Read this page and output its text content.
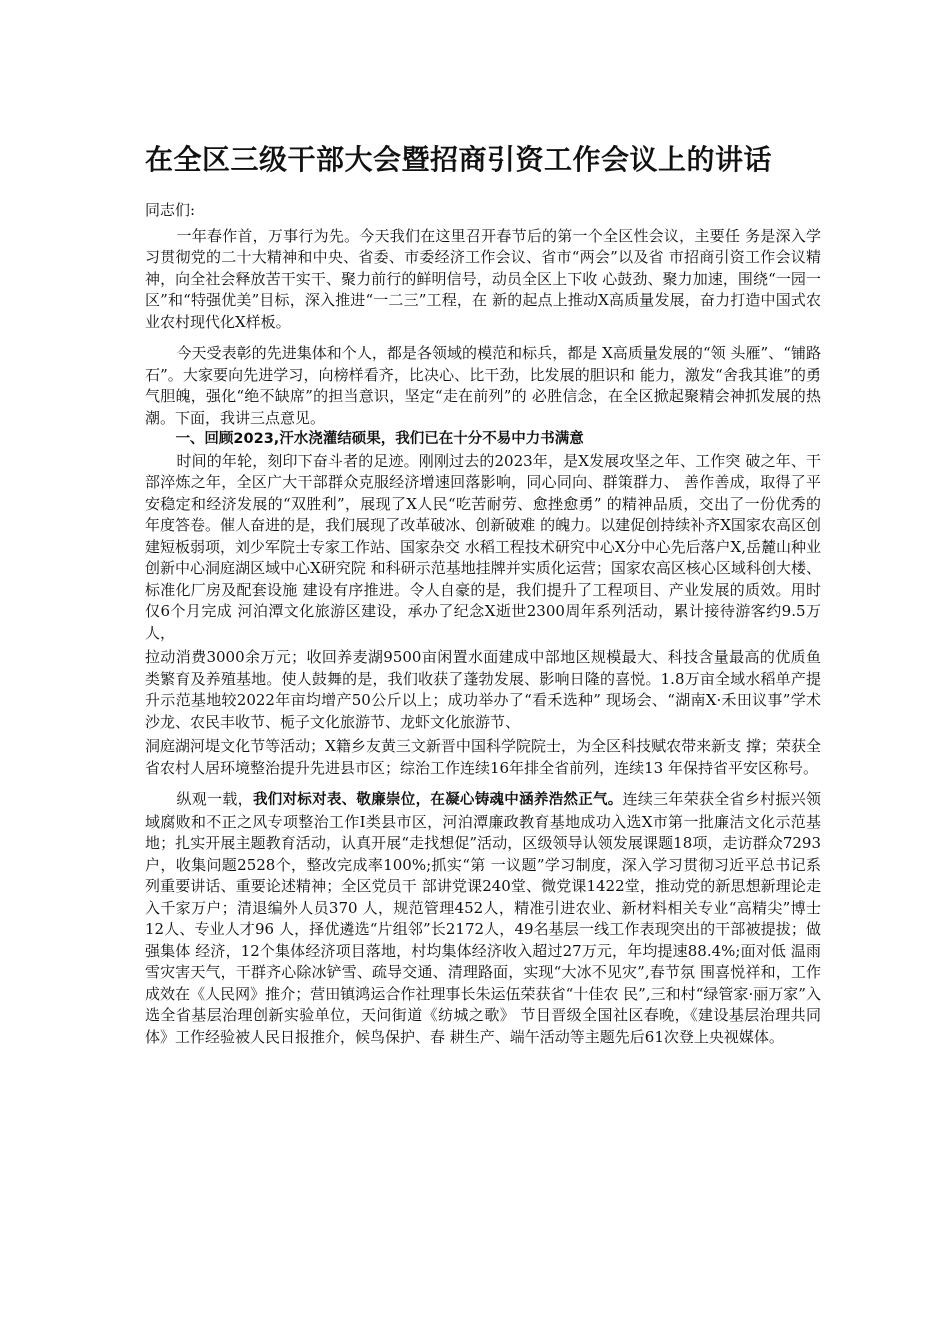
在全区三级干部大会暨招商引资工作会议上的讲话

同志们:

一年春作首，万事行为先。今天我们在这里召开春节后的第一个全区性会议，主要任 务是深入学习贯彻党的二十大精神和中央、省委、市委经济工作会议、省市“两会”以及省 市招商引资工作会议精神，向全社会释放苦干实干、聚力前行的鲜明信号，动员全区上下收 心鼓劲、聚力加速，围绕“一园一区”和“特强优美”目标，深入推进“一二三”工程，在 新的起点上推动X高质量发展，奋力打造中国式农业农村现代化X样板。

今天受表彰的先进集体和个人，都是各领域的模范和标兵，都是 X高质量发展的“领 头雁”、“铺路石”。大家要向先进学习，向榜样看齐，比决心、比干劲，比发展的胆识和 能力，激发“舍我其谁”的勇气胆魄，强化“绝不缺席”的担当意识，坚定“走在前列”的 必胜信念，在全区掀起聚精会神抓发展的热潮。下面，我讲三点意见。

一、回顾2023,汗水浇灌结硕果，我们已在十分不易中力书满意

时间的年轮，刻印下奋斗者的足迹。刚刚过去的2023年，是X发展攻坚之年、工作突 破之年、干部淬炼之年，全区广大干部群众克服经济增速回落影响，同心同向、群策群力、 善作善成，取得了平安稳定和经济发展的“双胜利”，展现了X人民“吃苦耐劳、愈挫愈勇” 的精神品质，交出了一份优秀的年度答卷。催人奋进的是，我们展现了改革破冰、创新破难 的魄力。以建促创持续补齐X国家农高区创建短板弱项，刘少军院士专家工作站、国家杂交 水稻工程技术研究中心X分中心先后落户X,岳麓山种业创新中心洞庭湖区域中心X研究院 和科研示范基地挂牌并实质化运营；国家农高区核心区域科创大楼、标准化厂房及配套设施 建设有序推进。令人自豪的是，我们提升了工程项目、产业发展的质效。用时仅6个月完成 河泊潭文化旅游区建设，承办了纪念X逝世2300周年系列活动，累计接待游客约9.5万人，

拉动消费3000余万元；收回养麦湖9500亩闲置水面建成中部地区规模最大、科技含量最高的优质鱼类繁育及养殖基地。使人鼓舞的是，我们收获了蓬勃发展、影响日隆的喜悦。1.8万亩全域水稻单产提升示范基地较2022年亩均增产50公斤以上；成功举办了“看禾选种” 现场会、“湖南X·禾田议事”学术沙龙、农民丰收节、栀子文化旅游节、龙虾文化旅游节、

洞庭湖河堤文化节等活动；X籍乡友黄三文新晋中国科学院院士，为全区科技赋农带来新支 撑；荣获全省农村人居环境整治提升先进县市区；综治工作连续16年排全省前列，连续13 年保持省平安区称号。

纵观一载，我们对标对表、敬廉崇位，在凝心铸魂中涵养浩然正气。连续三年荣获全省乡村振兴领域腐败和不正之风专项整治工作I类县市区，河泊潭廉政教育基地成功入选X市第一批廉洁文化示范基地；扎实开展主题教育活动，认真开展“走找想促”活动，区级领导认领发展课题18项，走访群众7293户，收集问题2528个，整改完成率100%;抓实“第 一议题”学习制度，深入学习贯彻习近平总书记系列重要讲话、重要论述精神；全区党员干 部讲党课240堂、微党课1422堂，推动党的新思想新理论走入千家万户；清退编外人员370 人，规范管理452人，精准引进农业、新材料相关专业“高精尖”博士12人、专业人才96 人，择优遴选“片组邻”长2172人，49名基层一线工作表现突出的干部被提拔；做强集体 经济，12个集体经济项目落地，村均集体经济收入超过27万元，年均提速88.4%;面对低 温雨雪灾害天气，干群齐心除冰铲雪、疏导交通、清理路面，实现“大冰不见灾”,春节氛 围喜悦祥和，工作成效在《人民网》推介；营田镇鸿运合作社理事长朱运伍荣获省“十佳农 民”,三和村“绿管家·丽万家”入选全省基层治理创新实验单位，天问街道《纺城之歌》 节目晋级全国社区春晚，《建设基层治理共同体》工作经验被人民日报推介，候鸟保护、春 耕生产、端午活动等主题先后61次登上央视媒体。
